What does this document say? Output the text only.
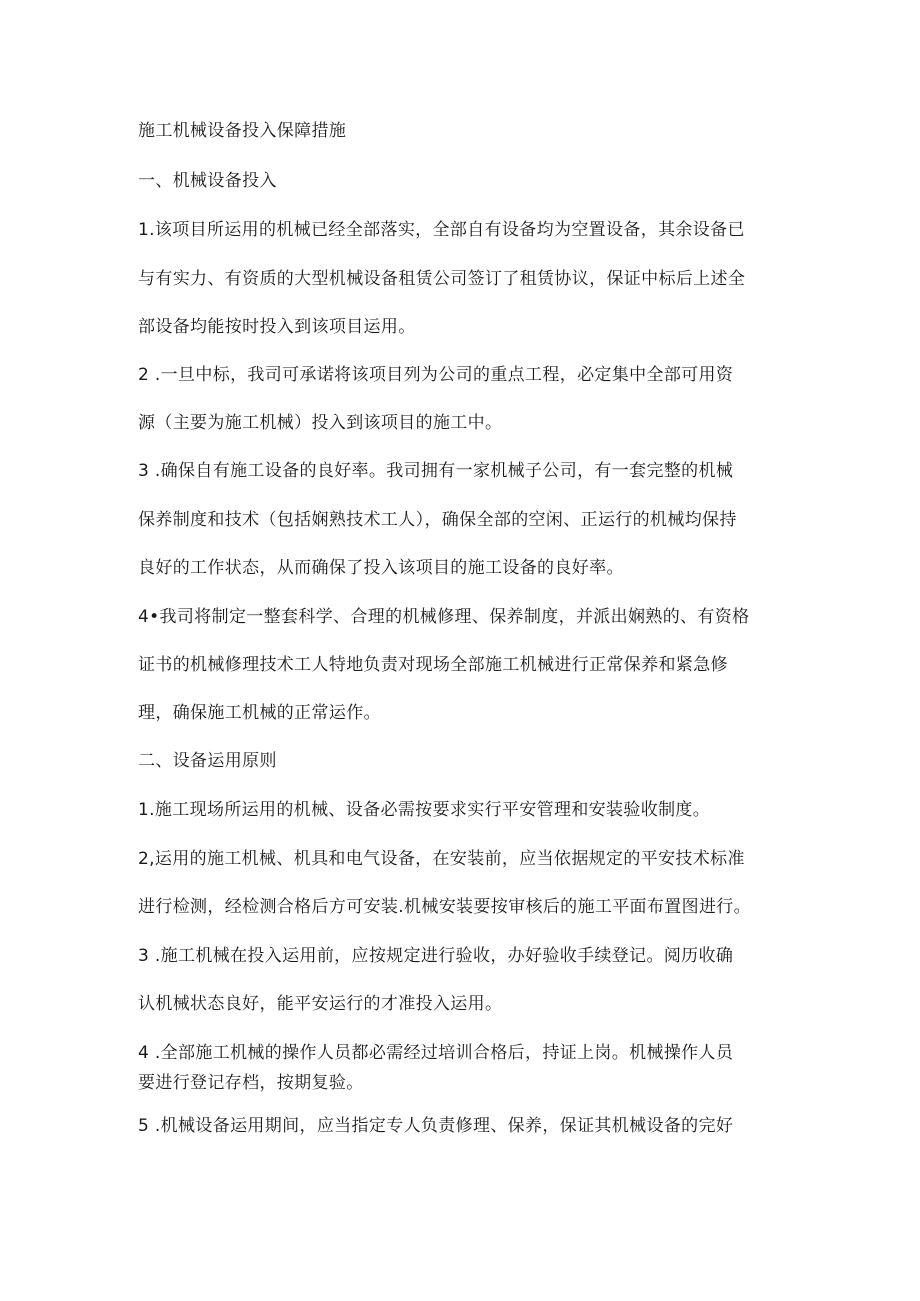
施工机械设备投入保障措施
一、机械设备投入
1.该项目所运用的机械已经全部落实，全部自有设备均为空置设备，其余设备已
与有实力、有资质的大型机械设备租赁公司签订了租赁协议，保证中标后上述全
部设备均能按时投入到该项目运用。
2 .一旦中标，我司可承诺将该项目列为公司的重点工程，必定集中全部可用资
源（主要为施工机械）投入到该项目的施工中。
3 .确保自有施工设备的良好率。我司拥有一家机械子公司，有一套完整的机械
保养制度和技术（包括娴熟技术工人），确保全部的空闲、正运行的机械均保持
良好的工作状态，从而确保了投入该项目的施工设备的良好率。
4•我司将制定一整套科学、合理的机械修理、保养制度，并派出娴熟的、有资格
证书的机械修理技术工人特地负责对现场全部施工机械进行正常保养和紧急修
理，确保施工机械的正常运作。
二、设备运用原则
1.施工现场所运用的机械、设备必需按要求实行平安管理和安装验收制度。
2,运用的施工机械、机具和电气设备，在安装前，应当依据规定的平安技术标准
进行检测，经检测合格后方可安装.机械安装要按审核后的施工平面布置图进行。
3 .施工机械在投入运用前，应按规定进行验收，办好验收手续登记。阅历收确
认机械状态良好，能平安运行的才准投入运用。
4 .全部施工机械的操作人员都必需经过培训合格后，持证上岗。机械操作人员
要进行登记存档，按期复验。
5 .机械设备运用期间，应当指定专人负责修理、保养，保证其机械设备的完好
